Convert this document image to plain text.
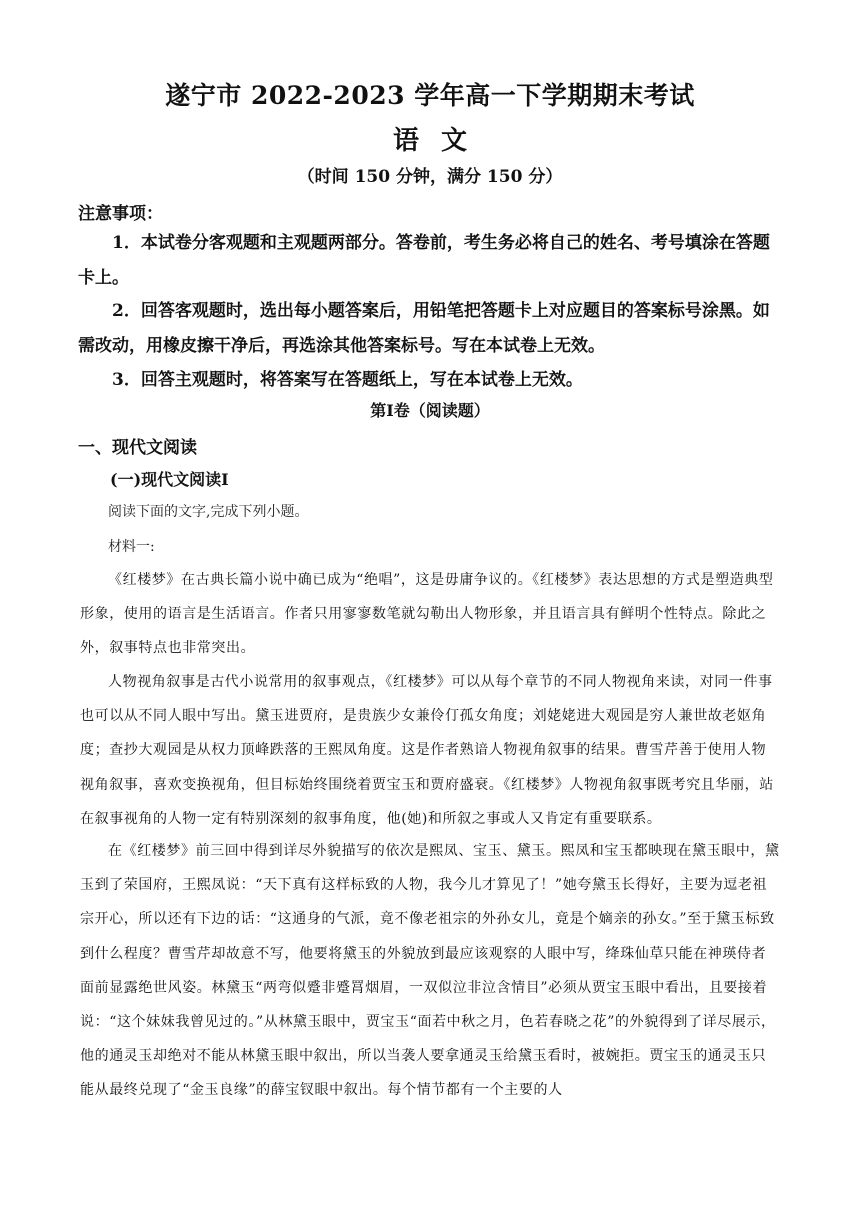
遂宁市 2022-2023 学年高一下学期期末考试
语文
（时间 150 分钟，满分 150 分）
注意事项：

1．本试卷分客观题和主观题两部分。答卷前，考生务必将自己的姓名、考号填涂在答题卡上。

2．回答客观题时，选出每小题答案后，用铅笔把答题卡上对应题目的答案标号涂黑。如需改动，用橡皮擦干净后，再选涂其他答案标号。写在本试卷上无效。

3．回答主观题时，将答案写在答题纸上，写在本试卷上无效。

第Ⅰ卷（阅读题）
一、现代文阅读
(一)现代文阅读Ⅰ
阅读下面的文字,完成下列小题。
材料一:

《红楼梦》在古典长篇小说中确已成为“绝唱”，这是毋庸争议的。《红楼梦》表达思想的方式是塑造典型形象，使用的语言是生活语言。作者只用寥寥数笔就勾勒出人物形象，并且语言具有鲜明个性特点。除此之外，叙事特点也非常突出。

人物视角叙事是古代小说常用的叙事观点，《红楼梦》可以从每个章节的不同人物视角来读，对同一件事也可以从不同人眼中写出。黛玉进贾府，是贵族少女兼伶仃孤女角度；刘姥姥进大观园是穷人兼世故老妪角度；查抄大观园是从权力顶峰跌落的王熙凤角度。这是作者熟谙人物视角叙事的结果。曹雪芹善于使用人物视角叙事，喜欢变换视角，但目标始终围绕着贾宝玉和贾府盛衰。《红楼梦》人物视角叙事既考究且华丽，站在叙事视角的人物一定有特别深刻的叙事角度，他(她)和所叙之事或人又肯定有重要联系。

在《红楼梦》前三回中得到详尽外貌描写的依次是熙凤、宝玉、黛玉。熙凤和宝玉都映现在黛玉眼中，黛玉到了荣国府，王熙凤说：“天下真有这样标致的人物，我今儿才算见了！”她夸黛玉长得好，主要为逗老祖宗开心，所以还有下边的话：“这通身的气派，竟不像老祖宗的外孙女儿，竟是个嫡亲的孙女。”至于黛玉标致到什么程度？曹雪芹却故意不写，他要将黛玉的外貌放到最应该观察的人眼中写，绛珠仙草只能在神瑛侍者面前显露绝世风姿。林黛玉“两弯似蹙非蹙罥烟眉，一双似泣非泣含情目”必须从贾宝玉眼中看出，且要接着说：“这个妹妹我曾见过的。”从林黛玉眼中，贾宝玉“面若中秋之月，色若春晓之花”的外貌得到了详尽展示，他的通灵玉却绝对不能从林黛玉眼中叙出，所以当袭人要拿通灵玉给黛玉看时，被婉拒。贾宝玉的通灵玉只能从最终兑现了“金玉良缘”的薛宝钗眼中叙出。每个情节都有一个主要的人
